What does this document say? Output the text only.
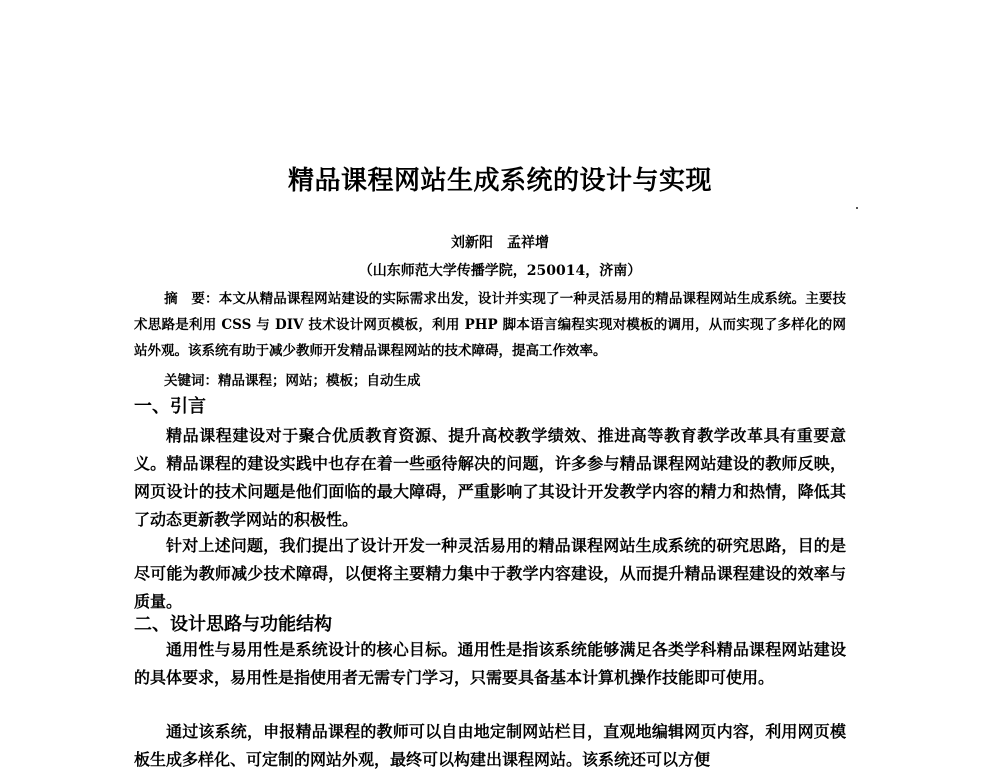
精品课程网站生成系统的设计与实现
刘新阳　孟祥增
（山东师范大学传播学院，250014，济南）
摘　要：本文从精品课程网站建设的实际需求出发，设计并实现了一种灵活易用的精品课程网站生成系统。主要技术思路是利用 CSS 与 DIV 技术设计网页模板，利用 PHP 脚本语言编程实现对模板的调用，从而实现了多样化的网站外观。该系统有助于减少教师开发精品课程网站的技术障碍，提高工作效率。
关键词：精品课程；网站；模板；自动生成
一、引言
精品课程建设对于聚合优质教育资源、提升高校教学绩效、推进高等教育教学改革具有重要意义。精品课程的建设实践中也存在着一些亟待解决的问题，许多参与精品课程网站建设的教师反映，网页设计的技术问题是他们面临的最大障碍，严重影响了其设计开发教学内容的精力和热情，降低其了动态更新教学网站的积极性。
针对上述问题，我们提出了设计开发一种灵活易用的精品课程网站生成系统的研究思路，目的是尽可能为教师减少技术障碍，以便将主要精力集中于教学内容建设，从而提升精品课程建设的效率与质量。
二、设计思路与功能结构
通用性与易用性是系统设计的核心目标。通用性是指该系统能够满足各类学科精品课程网站建设的具体要求，易用性是指使用者无需专门学习，只需要具备基本计算机操作技能即可使用。
通过该系统，申报精品课程的教师可以自由地定制网站栏目，直观地编辑网页内容，利用网页模板生成多样化、可定制的网站外观，最终可以构建出课程网站。该系统还可以方便
